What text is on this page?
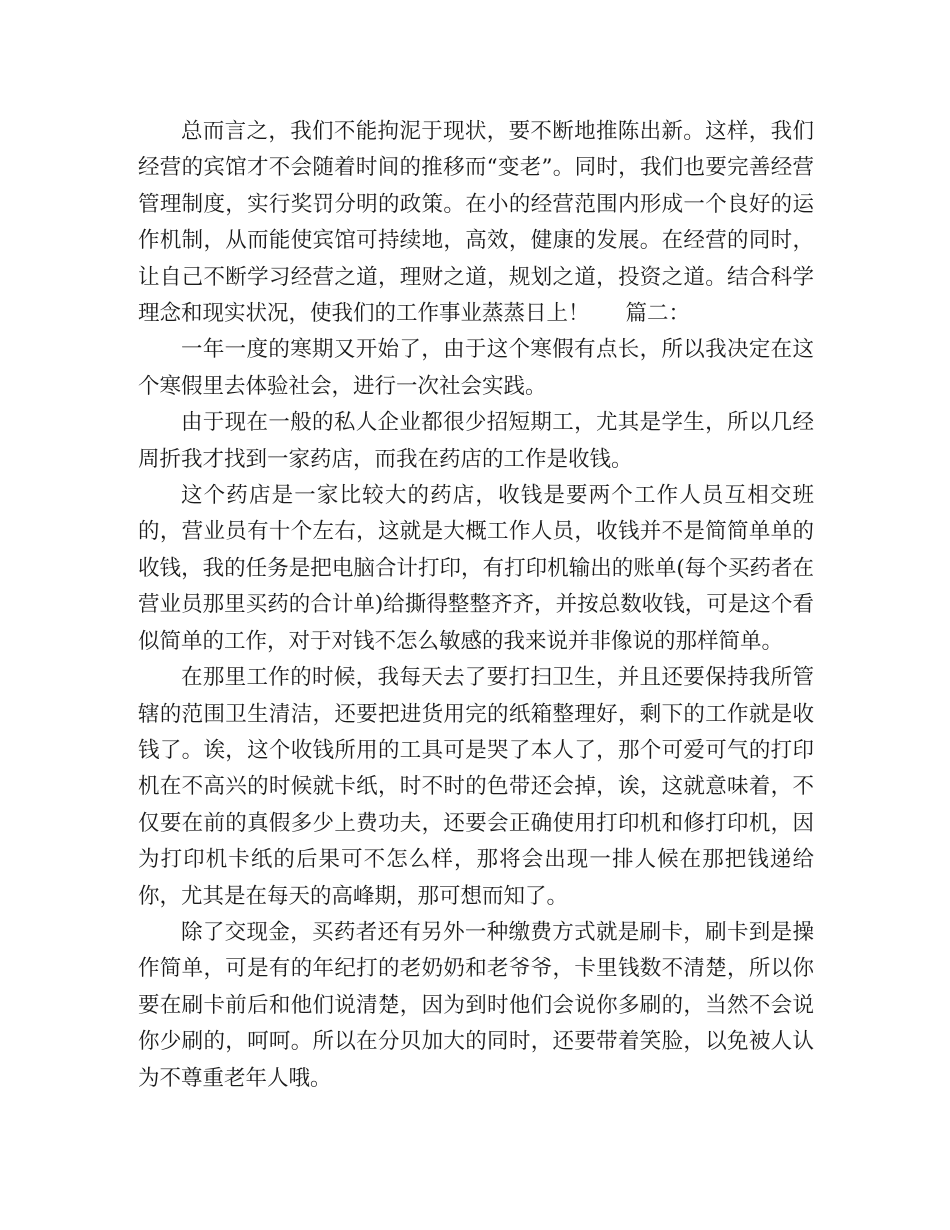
总而言之，我们不能拘泥于现状，要不断地推陈出新。这样，我们经营的宾馆才不会随着时间的推移而“变老”。同时，我们也要完善经营管理制度，实行奖罚分明的政策。在小的经营范围内形成一个良好的运作机制，从而能使宾馆可持续地，高效，健康的发展。在经营的同时，让自己不断学习经营之道，理财之道，规划之道，投资之道。结合科学理念和现实状况，使我们的工作事业蒸蒸日上！ 篇二：

一年一度的寒期又开始了，由于这个寒假有点长，所以我决定在这个寒假里去体验社会，进行一次社会实践。

由于现在一般的私人企业都很少招短期工，尤其是学生，所以几经周折我才找到一家药店，而我在药店的工作是收钱。

这个药店是一家比较大的药店，收钱是要两个工作人员互相交班的，营业员有十个左右，这就是大概工作人员，收钱并不是简简单单的收钱，我的任务是把电脑合计打印，有打印机输出的账单(每个买药者在营业员那里买药的合计单)给撕得整整齐齐，并按总数收钱，可是这个看似简单的工作，对于对钱不怎么敏感的我来说并非像说的那样简单。

在那里工作的时候，我每天去了要打扫卫生，并且还要保持我所管辖的范围卫生清洁，还要把进货用完的纸箱整理好，剩下的工作就是收钱了。诶，这个收钱所用的工具可是哭了本人了，那个可爱可气的打印机在不高兴的时候就卡纸，时不时的色带还会掉，诶，这就意味着，不仅要在前的真假多少上费功夫，还要会正确使用打印机和修打印机，因为打印机卡纸的后果可不怎么样，那将会出现一排人候在那把钱递给你，尤其是在每天的高峰期，那可想而知了。

除了交现金，买药者还有另外一种缴费方式就是刷卡，刷卡到是操作简单，可是有的年纪打的老奶奶和老爷爷，卡里钱数不清楚，所以你要在刷卡前后和他们说清楚，因为到时他们会说你多刷的，当然不会说你少刷的，呵呵。所以在分贝加大的同时，还要带着笑脸，以免被人认为不尊重老年人哦。
